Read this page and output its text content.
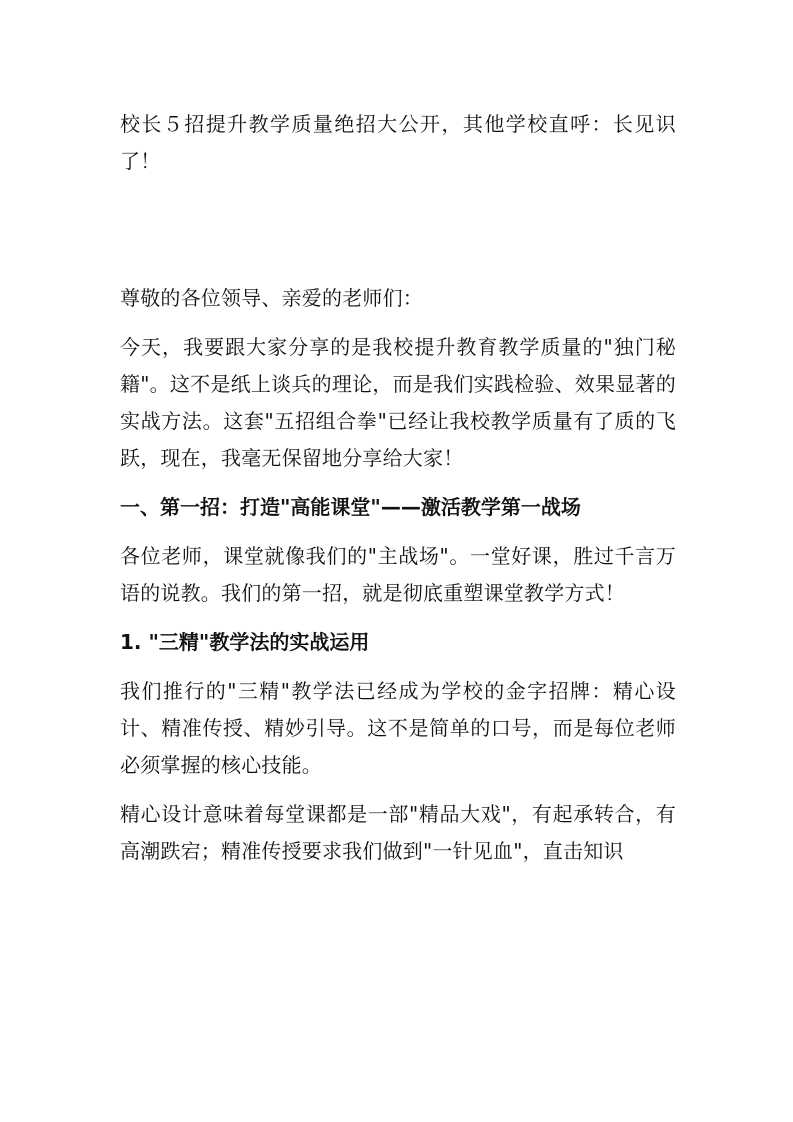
校长５招提升教学质量绝招大公开，其他学校直呼：长见识了！

尊敬的各位领导、亲爱的老师们：

今天，我要跟大家分享的是我校提升教育教学质量的"独门秘籍"。这不是纸上谈兵的理论，而是我们实践检验、效果显著的实战方法。这套"五招组合拳"已经让我校教学质量有了质的飞跃，现在，我毫无保留地分享给大家！

一、第一招：打造"高能课堂"——激活教学第一战场

各位老师，课堂就像我们的"主战场"。一堂好课，胜过千言万语的说教。我们的第一招，就是彻底重塑课堂教学方式！

1. "三精"教学法的实战运用

我们推行的"三精"教学法已经成为学校的金字招牌：精心设计、精准传授、精妙引导。这不是简单的口号，而是每位老师必须掌握的核心技能。

精心设计意味着每堂课都是一部"精品大戏"，有起承转合，有高潮跌宕；精准传授要求我们做到"一针见血"，直击知识
